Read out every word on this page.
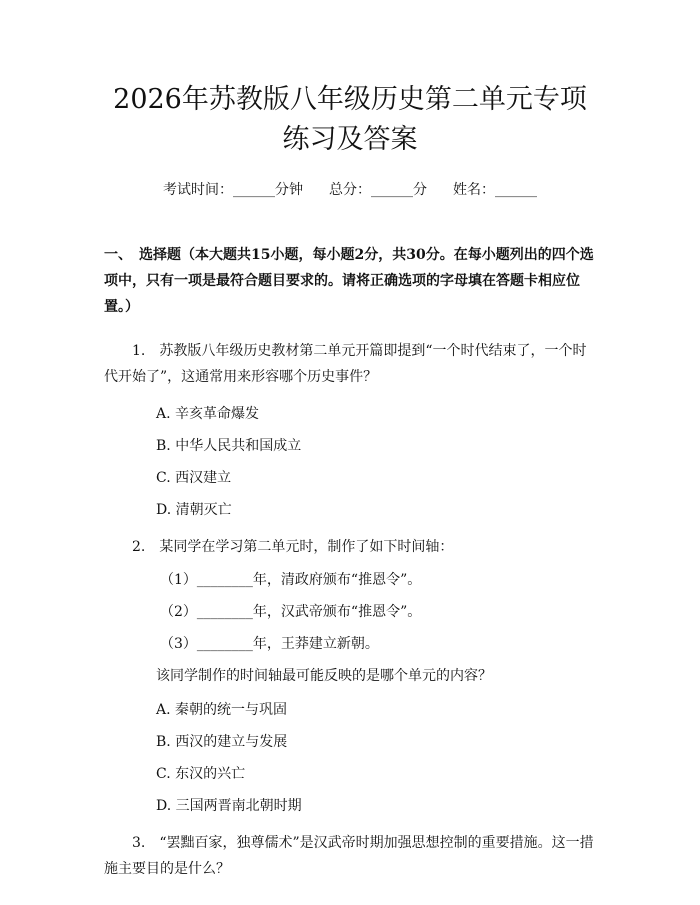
2026年苏教版八年级历史第二单元专项练习及答案
考试时间：______分钟 总分：______分 姓名：______
一、　选择题（本大题共15小题，每小题2分，共30分。在每小题列出的四个选项中，只有一项是最符合题目要求的。请将正确选项的字母填在答题卡相应位置。）

1.　苏教版八年级历史教材第二单元开篇即提到“一个时代结束了，一个时代开始了”，这通常用来形容哪个历史事件？

A. 辛亥革命爆发
B. 中华人民共和国成立
C. 西汉建立
D. 清朝灭亡

2.　某同学在学习第二单元时，制作了如下时间轴：

（1）________年，清政府颁布“推恩令”。
（2）________年，汉武帝颁布“推恩令”。
（3）________年，王莽建立新朝。
该同学制作的时间轴最可能反映的是哪个单元的内容？
A. 秦朝的统一与巩固
B. 西汉的建立与发展
C. 东汉的兴亡
D. 三国两晋南北朝时期

3.　“罢黜百家，独尊儒术”是汉武帝时期加强思想控制的重要措施。这一措施主要目的是什么？
